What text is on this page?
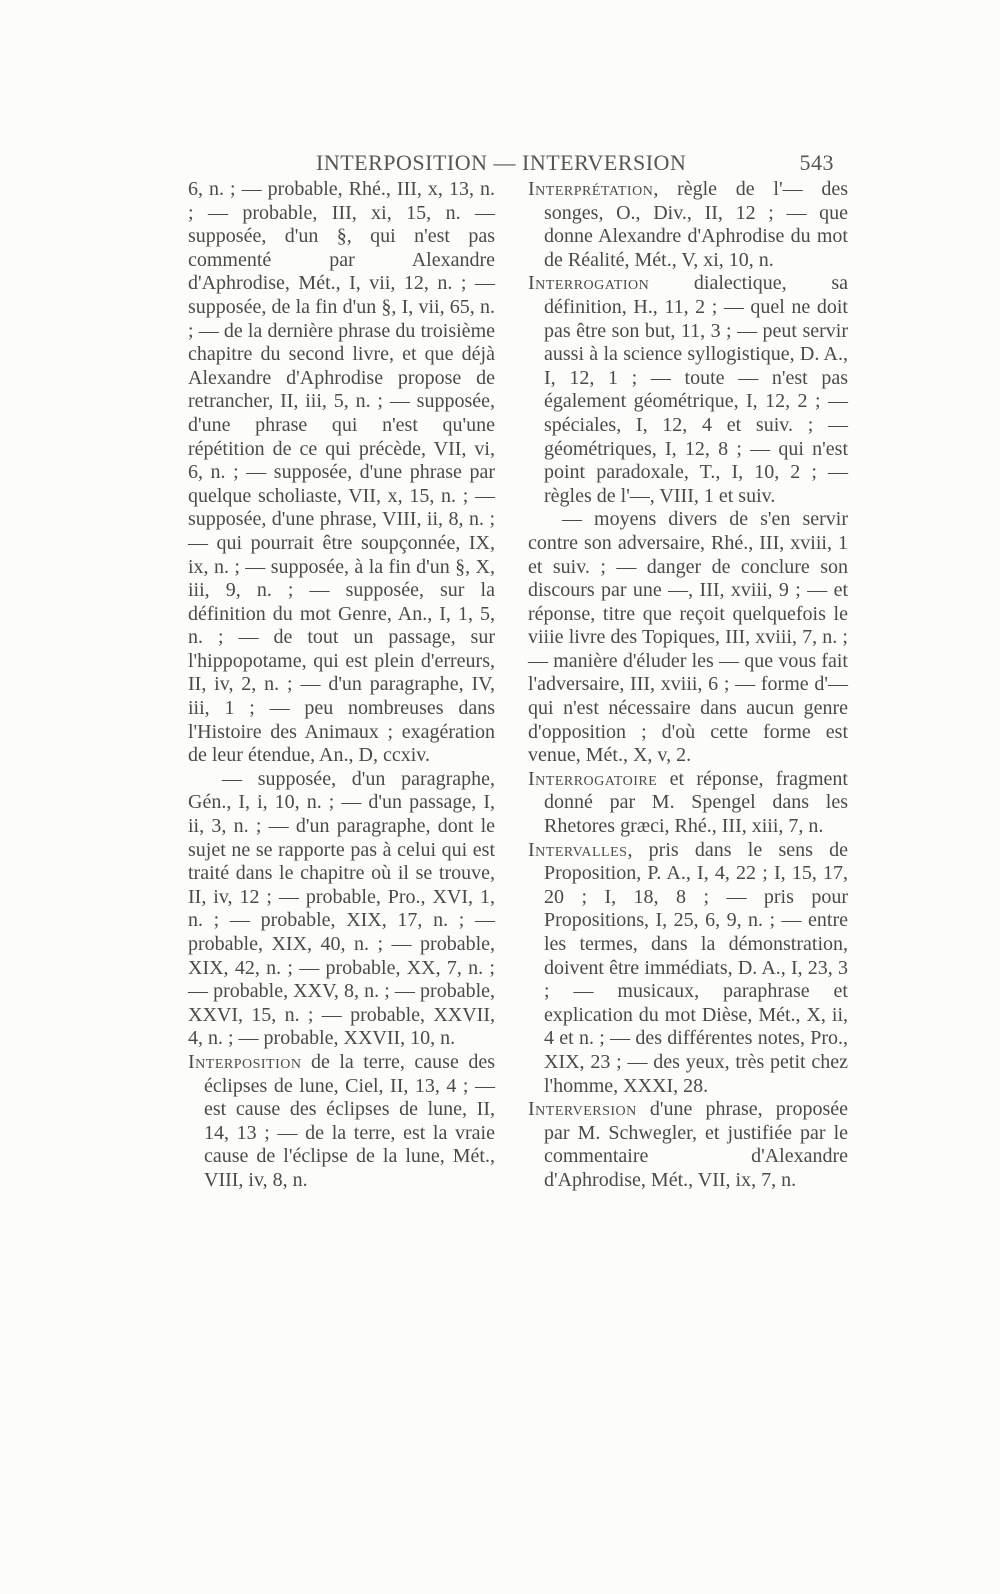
INTERPOSITION — INTERVERSION	543

6, n. ; — probable, Rhé., III, x, 13, n. ; — probable, III, xi, 15, n. — supposée, d'un §, qui n'est pas commenté par Alexandre d'Aphrodise, Mét., I, vii, 12, n. ; — supposée, de la fin d'un §, I, vii, 65, n. ; — de la dernière phrase du troisième chapitre du second livre, et que déjà Alexandre d'Aphrodise propose de retrancher, II, iii, 5, n. ; — supposée, d'une phrase qui n'est qu'une répétition de ce qui précède, VII, vi, 6, n. ; — supposée, d'une phrase par quelque scholiaste, VII, x, 15, n. ; — supposée, d'une phrase, VIII, ii, 8, n. ; — qui pourrait être soupçonnée, IX, ix, n. ; — supposée, à la fin d'un §, X, iii, 9, n. ; — supposée, sur la définition du mot Genre, An., I, 1, 5, n. ; — de tout un passage, sur l'hippopotame, qui est plein d'erreurs, II, iv, 2, n. ; — d'un paragraphe, IV, iii, 1 ; — peu nombreuses dans l'Histoire des Animaux ; exagération de leur étendue, An., D, ccxiv.

— supposée, d'un paragraphe, Gén., I, i, 10, n. ; — d'un passage, I, ii, 3, n. ; — d'un paragraphe, dont le sujet ne se rapporte pas à celui qui est traité dans le chapitre où il se trouve, II, iv, 12 ; — probable, Pro., XVI, 1, n. ; — probable, XIX, 17, n. ; — probable, XIX, 40, n. ; — probable, XIX, 42, n. ; — probable, XX, 7, n. ; — probable, XXV, 8, n. ; — probable, XXVI, 15, n. ; — probable, XXVII, 4, n. ; — probable, XXVII, 10, n.

Interposition de la terre, cause des éclipses de lune, Ciel, II, 13, 4 ; — est cause des éclipses de lune, II, 14, 13 ; — de la terre, est la vraie cause de l'éclipse de la lune, Mét., VIII, iv, 8, n.

Interprétation, règle de l'— des songes, O., Div., II, 12 ; — que donne Alexandre d'Aphrodise du mot de Réalité, Mét., V, xi, 10, n.

Interrogation dialectique, sa définition, H., 11, 2 ; — quel ne doit pas être son but, 11, 3 ; — peut servir aussi à la science syllogistique, D. A., I, 12, 1 ; — toute — n'est pas également géométrique, I, 12, 2 ; — spéciales, I, 12, 4 et suiv. ; — géométriques, I, 12, 8 ; — qui n'est point paradoxale, T., I, 10, 2 ; — règles de l'—, VIII, 1 et suiv.

— moyens divers de s'en servir contre son adversaire, Rhé., III, xviii, 1 et suiv. ; — danger de conclure son discours par une —, III, xviii, 9 ; — et réponse, titre que reçoit quelquefois le viiie livre des Topiques, III, xviii, 7, n. ; — manière d'éluder les — que vous fait l'adversaire, III, xviii, 6 ; — forme d'— qui n'est nécessaire dans aucun genre d'opposition ; d'où cette forme est venue, Mét., X, v, 2.

Interrogatoire et réponse, fragment donné par M. Spengel dans les Rhetores græci, Rhé., III, xiii, 7, n.

Intervalles, pris dans le sens de Proposition, P. A., I, 4, 22 ; I, 15, 17, 20 ; I, 18, 8 ; — pris pour Propositions, I, 25, 6, 9, n. ; — entre les termes, dans la démonstration, doivent être immédiats, D. A., I, 23, 3 ; — musicaux, paraphrase et explication du mot Dièse, Mét., X, ii, 4 et n. ; — des différentes notes, Pro., XIX, 23 ; — des yeux, très petit chez l'homme, XXXI, 28.

Interversion d'une phrase, proposée par M. Schwegler, et justifiée par le commentaire d'Alexandre d'Aphrodise, Mét., VII, ix, 7, n.
